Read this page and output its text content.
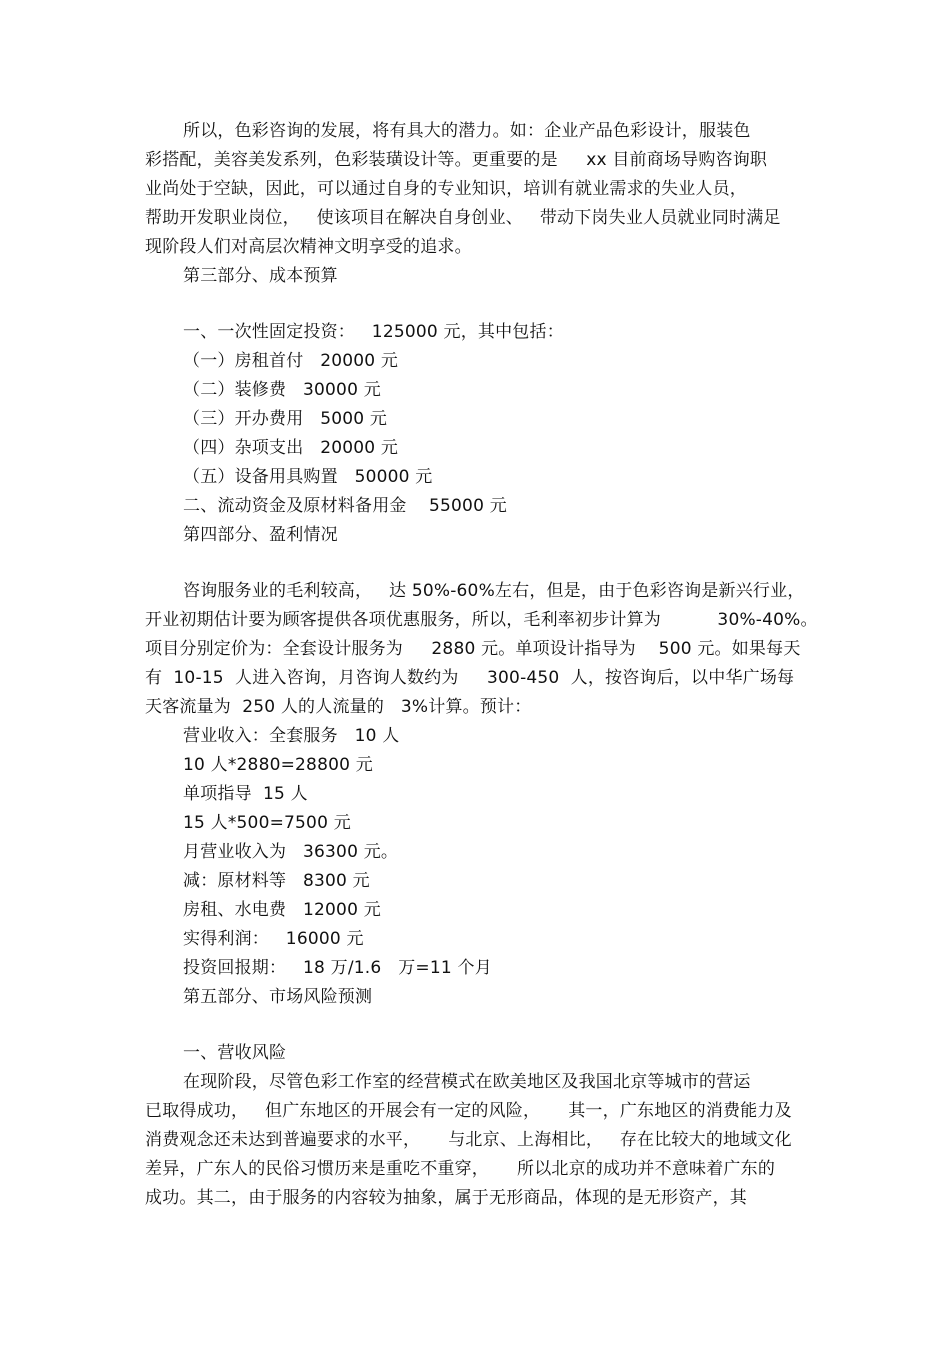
所以，色彩咨询的发展，将有具大的潜力。如：企业产品色彩设计，服装色
彩搭配，美容美发系列，色彩装璜设计等。更重要的是　  xx 目前商场导购咨询职
业尚处于空缺，因此，可以通过自身的专业知识，培训有就业需求的失业人员，
帮助开发职业岗位，   使该项目在解决自身创业、   带动下岗失业人员就业同时满足
现阶段人们对高层次精神文明享受的追求。
第三部分、成本预算
一、一次性固定投资：   125000 元，其中包括：
（一）房租首付   20000 元
（二）装修费   30000 元
（三）开办费用   5000 元
（四）杂项支出   20000 元
（五）设备用具购置   50000 元
二、流动资金及原材料备用金    55000 元
第四部分、盈利情况
咨询服务业的毛利较高，   达 50%-60%左右，但是，由于色彩咨询是新兴行业，
开业初期估计要为顾客提供各项优惠服务，所以，毛利率初步计算为　       30%-40%。
项目分别定价为：全套设计服务为　  2880 元。单项设计指导为　 500 元。如果每天
有  10-15  人进入咨询，月咨询人数约为　  300-450  人，按咨询后，以中华广场每
天客流量为  250 人的人流量的   3%计算。预计：
营业收入：全套服务   10 人
10 人*2880=28800 元
单项指导  15 人
15 人*500=7500 元
月营业收入为   36300 元。
减：原材料等   8300 元
房租、水电费   12000 元
实得利润：   16000 元
投资回报期：   18 万/1.6   万=11 个月
第五部分、市场风险预测
一、营收风险
在现阶段，尽管色彩工作室的经营模式在欧美地区及我国北京等城市的营运
已取得成功，   但广东地区的开展会有一定的风险，     其一，广东地区的消费能力及
消费观念还未达到普遍要求的水平，     与北京、上海相比，   存在比较大的地域文化
差异，广东人的民俗习惯历来是重吃不重穿，     所以北京的成功并不意味着广东的
成功。其二，由于服务的内容较为抽象，属于无形商品，体现的是无形资产，其
